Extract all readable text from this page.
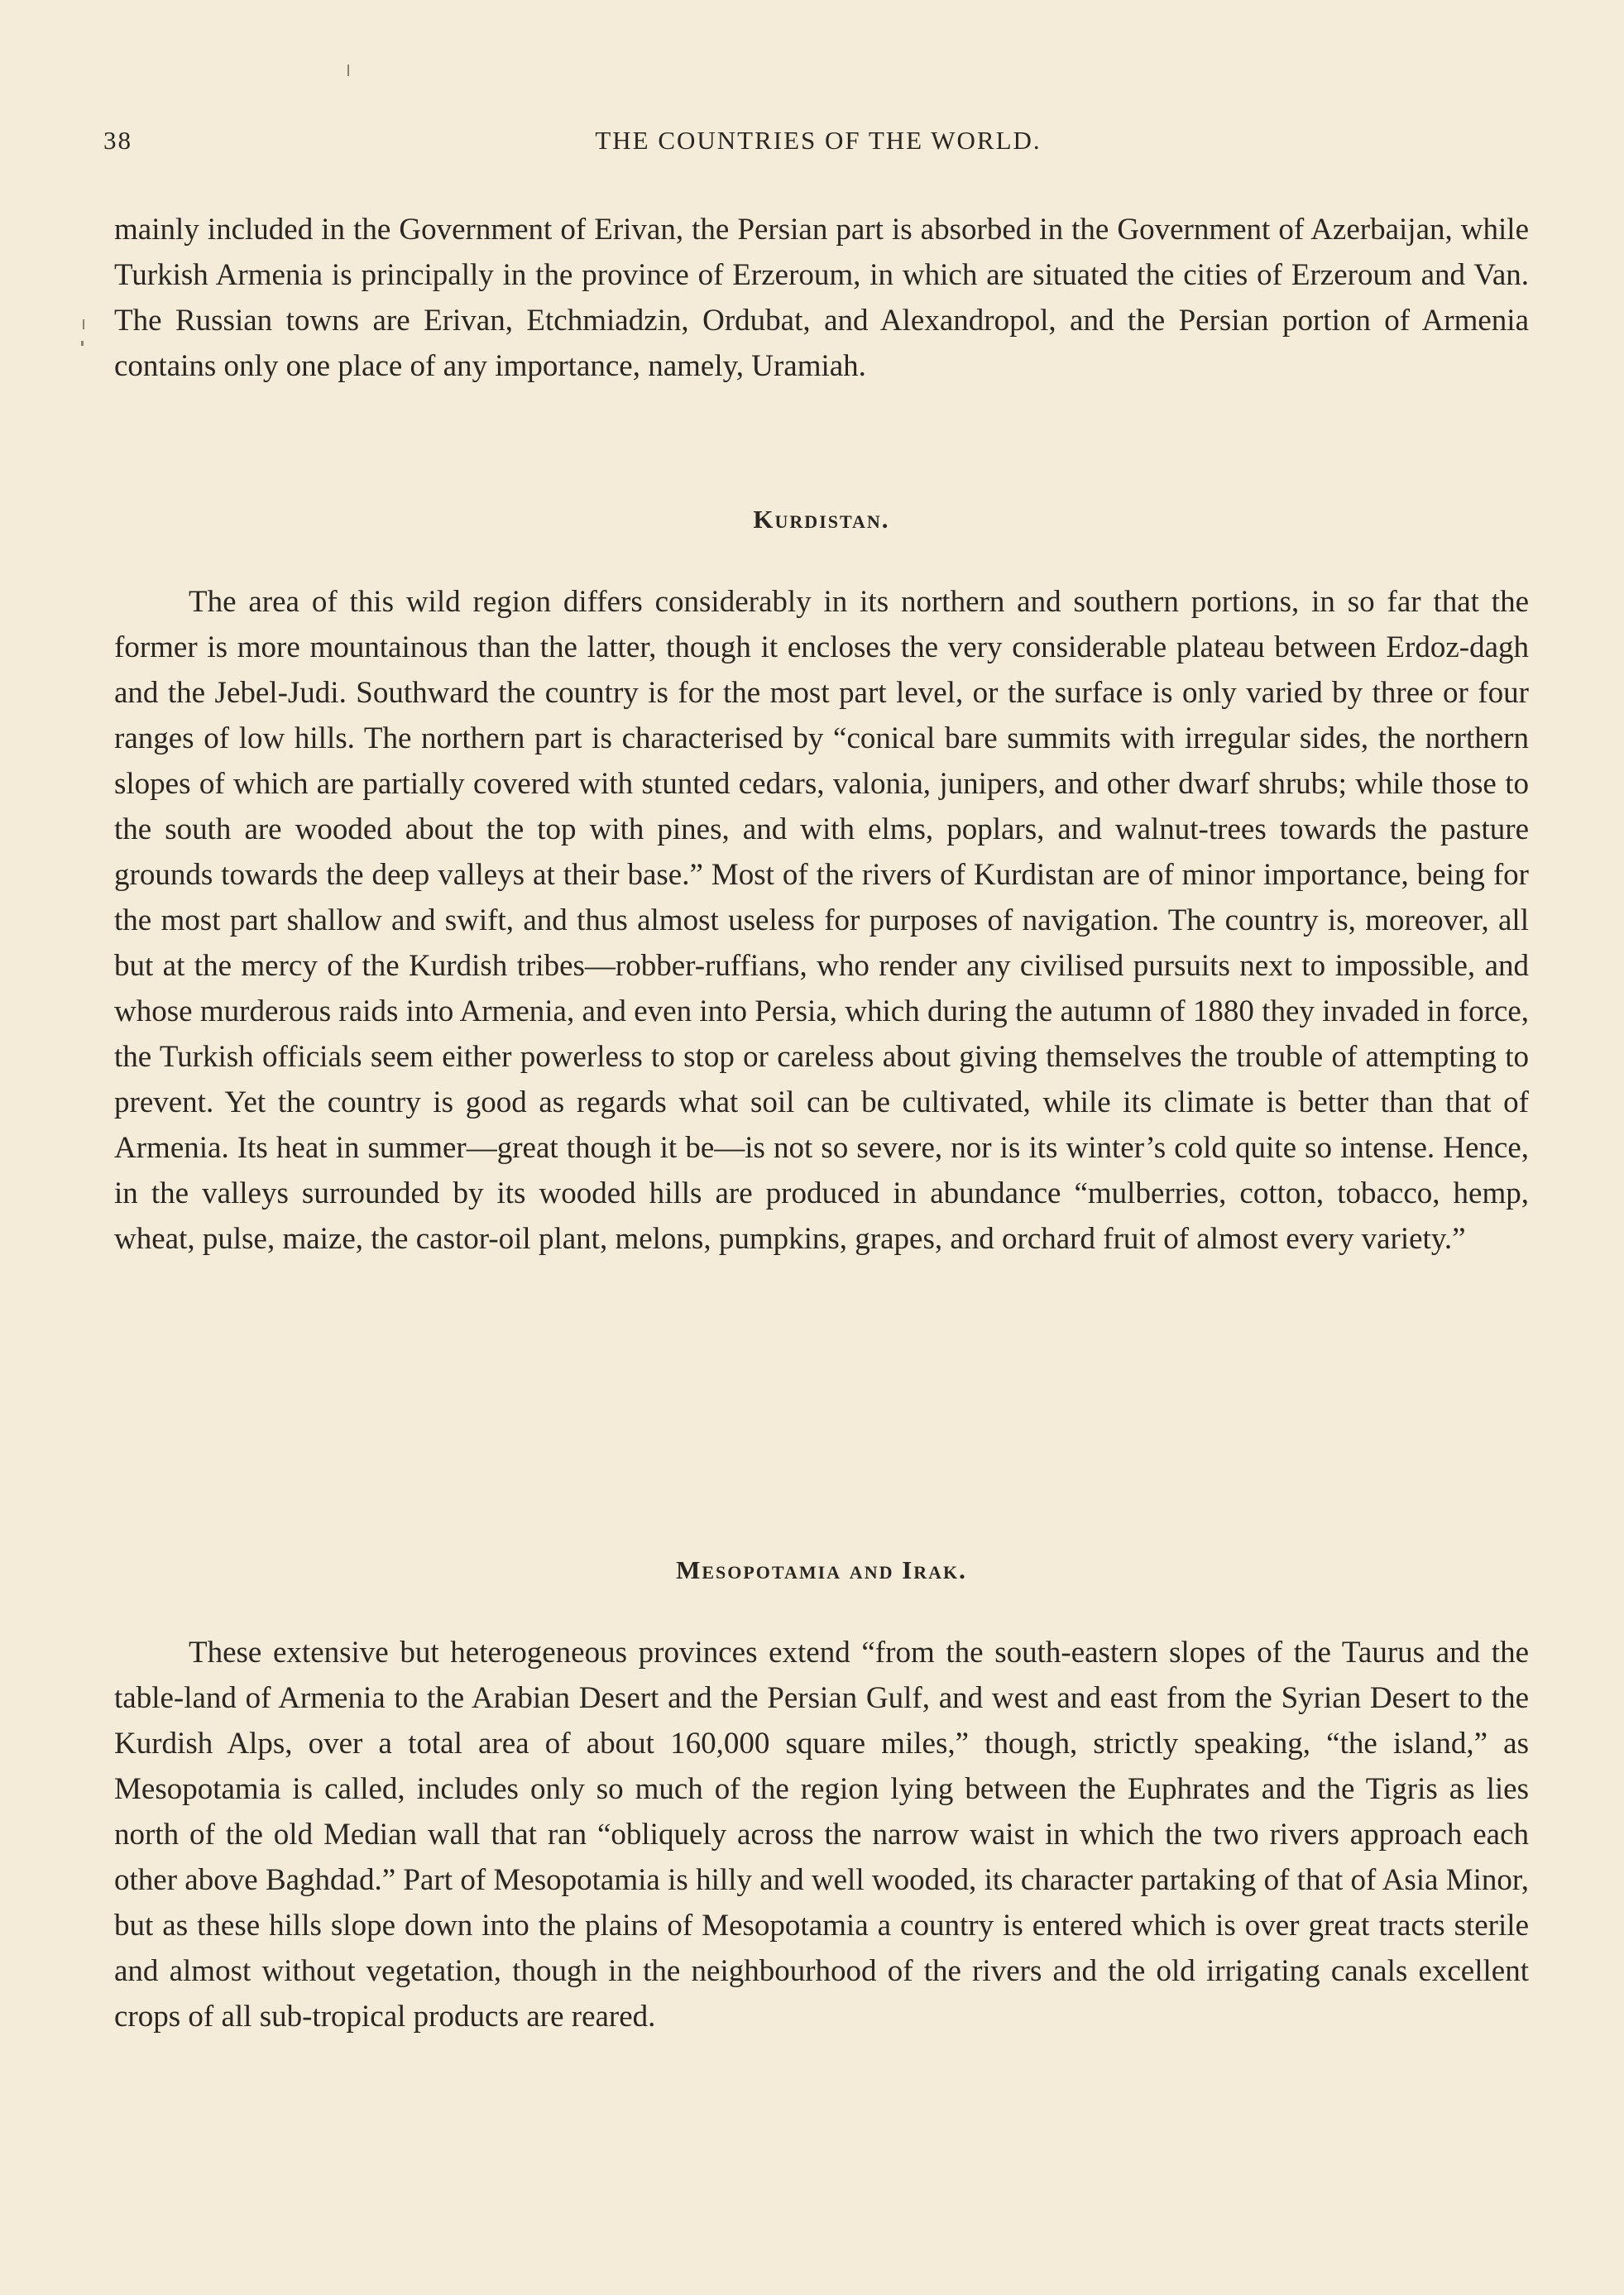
38	THE COUNTRIES OF THE WORLD.

mainly included in the Government of Erivan, the Persian part is absorbed in the Government of Azerbaijan, while Turkish Armenia is principally in the province of Erzeroum, in which are situated the cities of Erzeroum and Van. The Russian towns are Erivan, Etchmiadzin, Ordubat, and Alexandropol, and the Persian portion of Armenia contains only one place of any importance, namely, Uramiah.

Kurdistan.

The area of this wild region differs considerably in its northern and southern portions, in so far that the former is more mountainous than the latter, though it encloses the very considerable plateau between Erdoz-dagh and the Jebel-Judi. Southward the country is for the most part level, or the surface is only varied by three or four ranges of low hills. The northern part is characterised by “conical bare summits with irregular sides, the northern slopes of which are partially covered with stunted cedars, valonia, junipers, and other dwarf shrubs; while those to the south are wooded about the top with pines, and with elms, poplars, and walnut-trees towards the pasture grounds towards the deep valleys at their base.” Most of the rivers of Kurdistan are of minor importance, being for the most part shallow and swift, and thus almost useless for purposes of navigation. The country is, moreover, all but at the mercy of the Kurdish tribes—robber-ruffians, who render any civilised pursuits next to impossible, and whose murderous raids into Armenia, and even into Persia, which during the autumn of 1880 they invaded in force, the Turkish officials seem either powerless to stop or careless about giving themselves the trouble of attempting to prevent. Yet the country is good as regards what soil can be cultivated, while its climate is better than that of Armenia. Its heat in summer—great though it be—is not so severe, nor is its winter’s cold quite so intense. Hence, in the valleys surrounded by its wooded hills are produced in abundance “mulberries, cotton, tobacco, hemp, wheat, pulse, maize, the castor-oil plant, melons, pumpkins, grapes, and orchard fruit of almost every variety.”

Mesopotamia and Irak.

These extensive but heterogeneous provinces extend “from the south-eastern slopes of the Taurus and the table-land of Armenia to the Arabian Desert and the Persian Gulf, and west and east from the Syrian Desert to the Kurdish Alps, over a total area of about 160,000 square miles,” though, strictly speaking, “the island,” as Mesopotamia is called, includes only so much of the region lying between the Euphrates and the Tigris as lies north of the old Median wall that ran “obliquely across the narrow waist in which the two rivers approach each other above Baghdad.” Part of Mesopotamia is hilly and well wooded, its character partaking of that of Asia Minor, but as these hills slope down into the plains of Mesopotamia a country is entered which is over great tracts sterile and almost without vegetation, though in the neighbourhood of the rivers and the old irrigating canals excellent crops of all sub-tropical products are reared.
